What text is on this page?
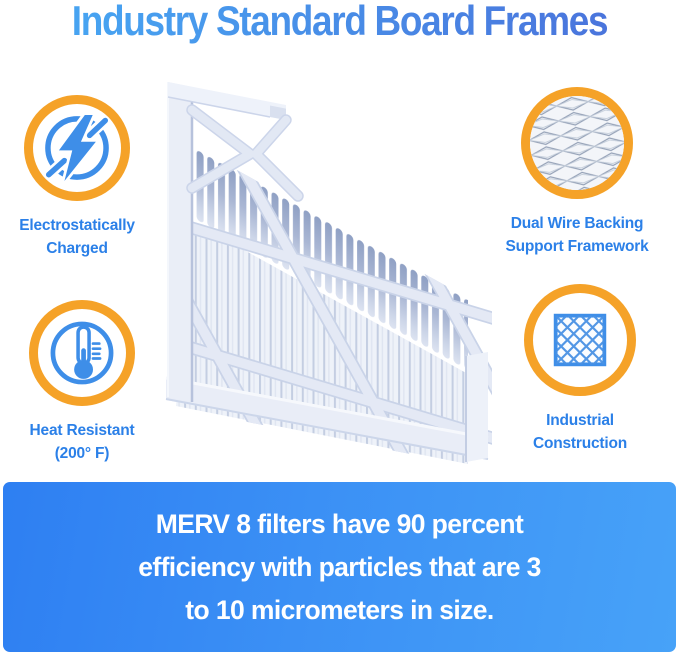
Industry Standard Board Frames

Electrostatically
Charged

Dual Wire Backing
Support Framework

Heat Resistant
(200° F)

Industrial
Construction

MERV 8 filters have 90 percent
efficiency with particles that are 3
to 10 micrometers in size.
